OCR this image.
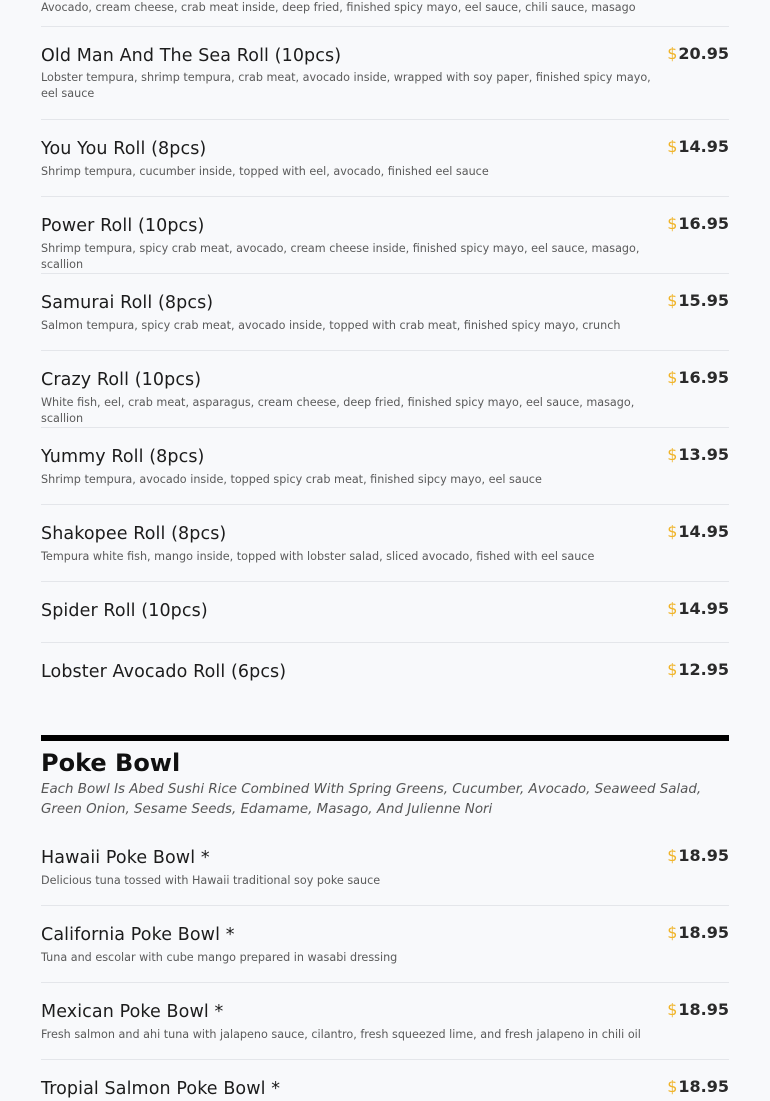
Avocado, cream cheese, crab meat inside, deep fried, finished spicy mayo, eel sauce, chili sauce, masago
Old Man And The Sea Roll (10pcs)
Lobster tempura, shrimp tempura, crab meat, avocado inside, wrapped with soy paper, finished spicy mayo, eel sauce
$20.95
You You Roll (8pcs)
Shrimp tempura, cucumber inside, topped with eel, avocado, finished eel sauce
$14.95
Power Roll (10pcs)
Shrimp tempura, spicy crab meat, avocado, cream cheese inside, finished spicy mayo, eel sauce, masago, scallion
$16.95
Samurai Roll (8pcs)
Salmon tempura, spicy crab meat, avocado inside, topped with crab meat, finished spicy mayo, crunch
$15.95
Crazy Roll (10pcs)
White fish, eel, crab meat, asparagus, cream cheese, deep fried, finished spicy mayo, eel sauce, masago, scallion
$16.95
Yummy Roll (8pcs)
Shrimp tempura, avocado inside, topped spicy crab meat, finished sipcy mayo, eel sauce
$13.95
Shakopee Roll (8pcs)
Tempura white fish, mango inside, topped with lobster salad, sliced avocado, fished with eel sauce
$14.95
Spider Roll (10pcs)	$14.95
Lobster Avocado Roll (6pcs)	$12.95
Poke Bowl
Each Bowl Is Abed Sushi Rice Combined With Spring Greens, Cucumber, Avocado, Seaweed Salad, Green Onion, Sesame Seeds, Edamame, Masago, And Julienne Nori
Hawaii Poke Bowl *
Delicious tuna tossed with Hawaii traditional soy poke sauce
$18.95
California Poke Bowl *
Tuna and escolar with cube mango prepared in wasabi dressing
$18.95
Mexican Poke Bowl *
Fresh salmon and ahi tuna with jalapeno sauce, cilantro, fresh squeezed lime, and fresh jalapeno in chili oil
$18.95
Tropial Salmon Poke Bowl *	$18.95
